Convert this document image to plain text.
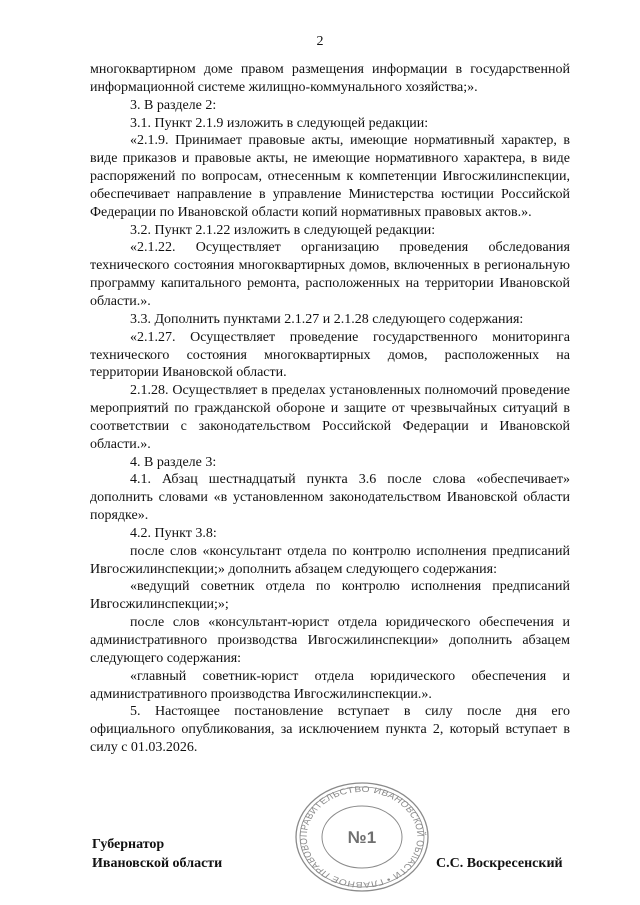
2

многоквартирном доме правом размещения информации в государственной информационной системе жилищно-коммунального хозяйства;».

3. В разделе 2:

3.1. Пункт 2.1.9 изложить в следующей редакции:

«2.1.9. Принимает правовые акты, имеющие нормативный характер, в виде приказов и правовые акты, не имеющие нормативного характера, в виде распоряжений по вопросам, отнесенным к компетенции Ивгосжилинспекции, обеспечивает направление в управление Министерства юстиции Российской Федерации по Ивановской области копий нормативных правовых актов.».

3.2. Пункт 2.1.22 изложить в следующей редакции:

«2.1.22. Осуществляет организацию проведения обследования технического состояния многоквартирных домов, включенных в региональную программу капитального ремонта, расположенных на территории Ивановской области.».

3.3. Дополнить пунктами 2.1.27 и 2.1.28 следующего содержания:

«2.1.27. Осуществляет проведение государственного мониторинга технического состояния многоквартирных домов, расположенных на территории Ивановской области.

2.1.28. Осуществляет в пределах установленных полномочий проведение мероприятий по гражданской обороне и защите от чрезвычайных ситуаций в соответствии с законодательством Российской Федерации и Ивановской области.».

4. В разделе 3:

4.1. Абзац шестнадцатый пункта 3.6 после слова «обеспечивает» дополнить словами «в установленном законодательством Ивановской области порядке».

4.2. Пункт 3.8:

после слов «консультант отдела по контролю исполнения предписаний Ивгосжилинспекции;» дополнить абзацем следующего содержания:

«ведущий советник отдела по контролю исполнения предписаний Ивгосжилинспекции;»;

после слов «консультант-юрист отдела юридического обеспечения и административного производства Ивгосжилинспекции» дополнить абзацем следующего содержания:

«главный советник-юрист отдела юридического обеспечения и административного производства Ивгосжилинспекции.».

5. Настоящее постановление вступает в силу после дня его официального опубликования, за исключением пункта 2, который вступает в силу с 01.03.2026.

Губернатор
Ивановской области
ПРАВИТЕЛЬСТВО ИВАНОВСКОЙ ОБЛАСТИ • ГЛАВНОЕ ПРАВОВО	№1
С.С. Воскресенский
